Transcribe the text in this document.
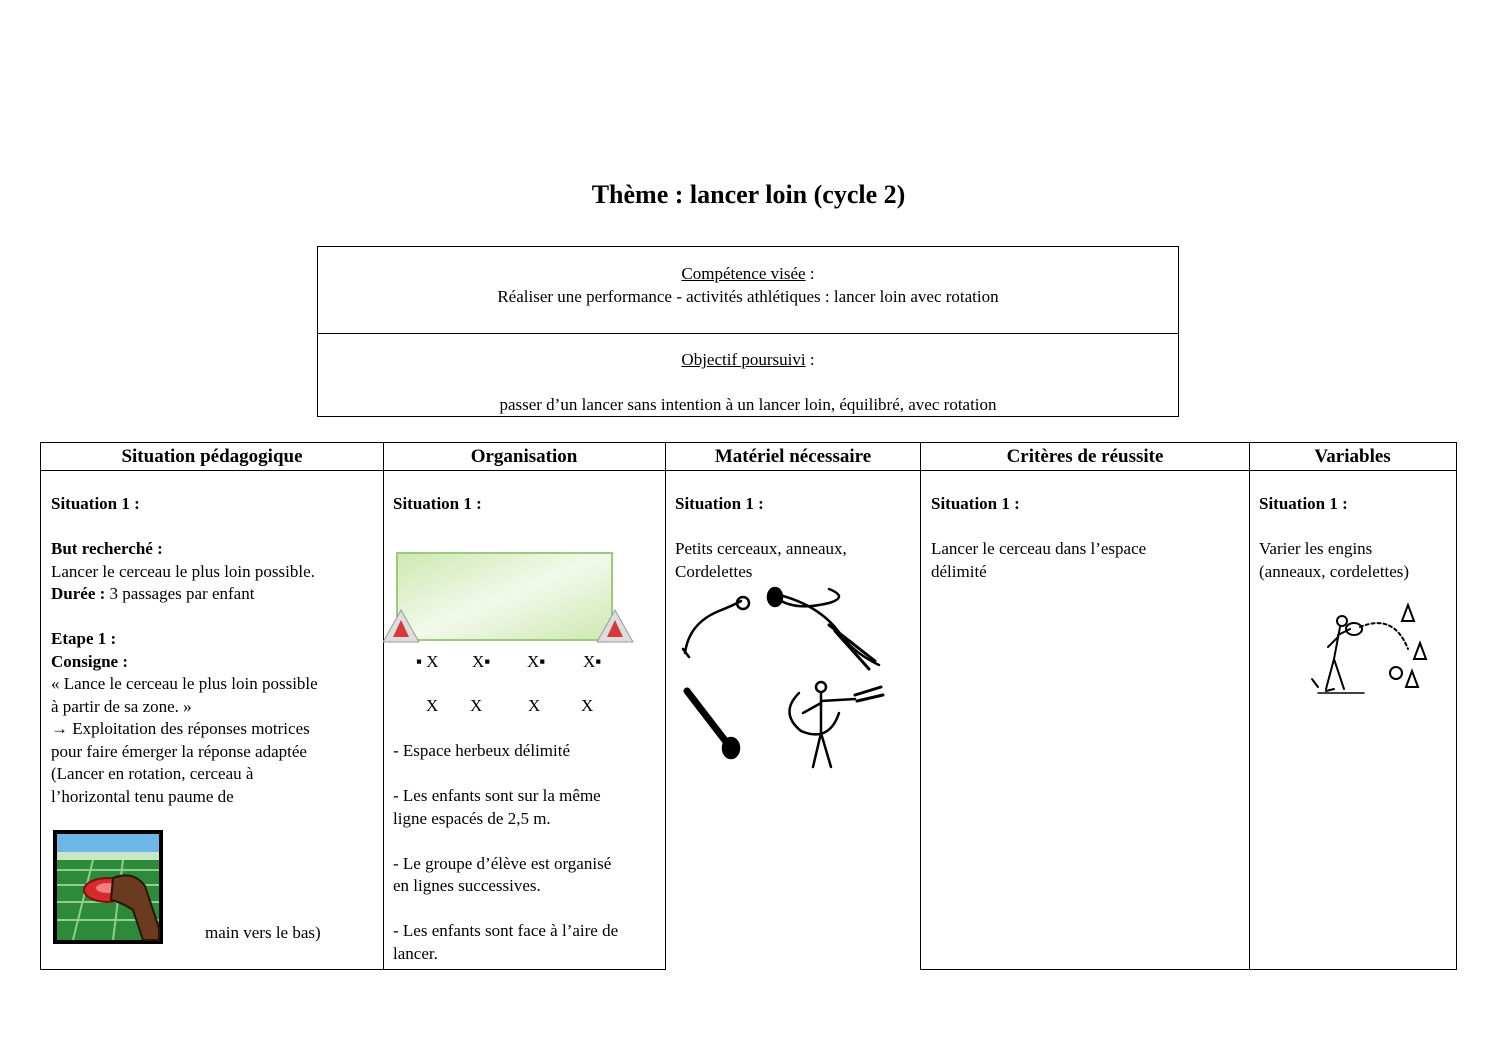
Thème : lancer loin (cycle 2)
Compétence visée :
Réaliser une performance - activités athlétiques : lancer loin avec rotation
Objectif poursuivi :
passer d’un lancer sans intention à un lancer loin, équilibré, avec rotation
Situation pédagogique
Situation 1 :
But recherché :
Lancer le cerceau le plus loin possible.
Durée : 3 passages par enfant
Etape 1 :
Consigne :
« Lance le cerceau le plus loin possible
à partir de sa zone. »
→ Exploitation des réponses motrices
pour faire émerger la réponse adaptée
(Lancer en rotation, cerceau à
l’horizontal tenu paume de
main vers le bas)
Organisation
Situation 1 :
▪ X X▪ X▪ X▪
X X	X X
- Espace herbeux délimité
- Les enfants sont sur la même
ligne espacés de 2,5 m.
- Le groupe d’élève est organisé
en lignes successives.
- Les enfants sont face à l’aire de
lancer.
Matériel nécessaire
Situation 1 :
Petits cerceaux, anneaux,
Cordelettes
Critères de réussite
Situation 1 :
Lancer le cerceau dans l’espace
délimité
Variables
Situation 1 :
Varier les engins
(anneaux, cordelettes)
